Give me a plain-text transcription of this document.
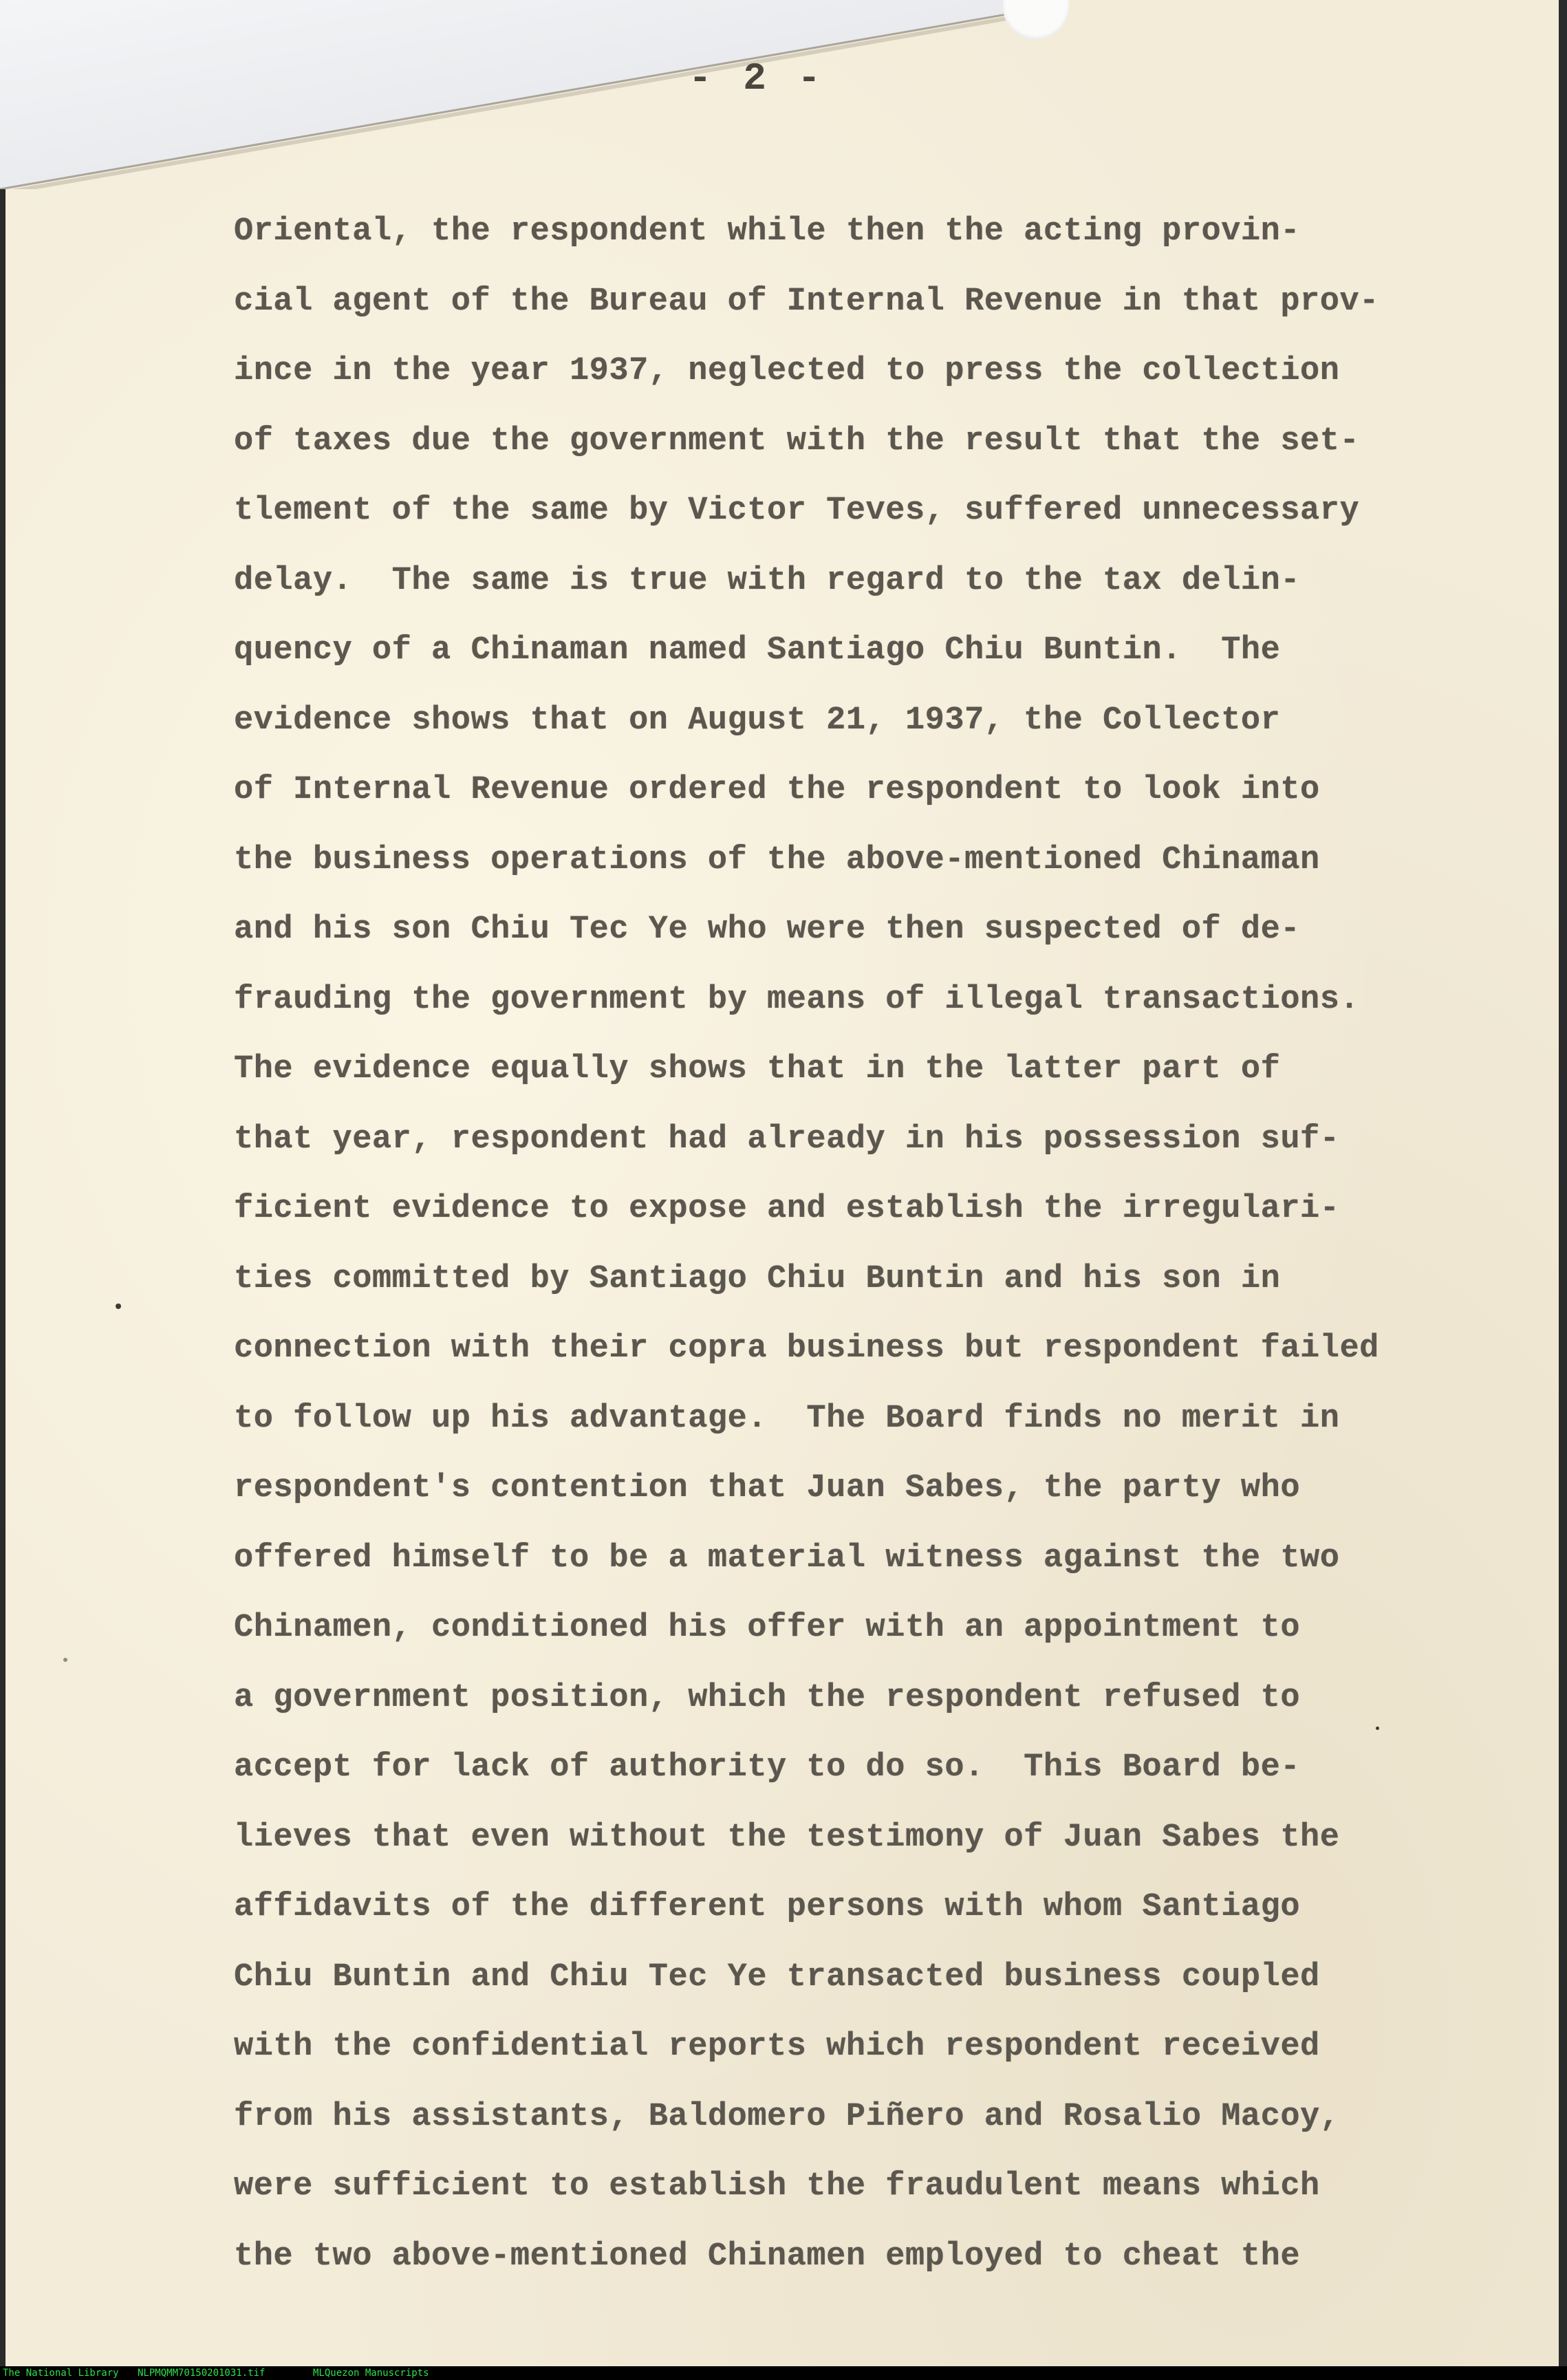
- 2 -
Oriental, the respondent while then the acting provin-
cial agent of the Bureau of Internal Revenue in that prov-
ince in the year 1937, neglected to press the collection
of taxes due the government with the result that the set-
tlement of the same by Victor Teves, suffered unnecessary
delay.  The same is true with regard to the tax delin-
quency of a Chinaman named Santiago Chiu Buntin.  The
evidence shows that on August 21, 1937, the Collector
of Internal Revenue ordered the respondent to look into
the business operations of the above-mentioned Chinaman
and his son Chiu Tec Ye who were then suspected of de-
frauding the government by means of illegal transactions.
The evidence equally shows that in the latter part of
that year, respondent had already in his possession suf-
ficient evidence to expose and establish the irregulari-
ties committed by Santiago Chiu Buntin and his son in
connection with their copra business but respondent failed
to follow up his advantage.  The Board finds no merit in
respondent's contention that Juan Sabes, the party who
offered himself to be a material witness against the two
Chinamen, conditioned his offer with an appointment to
a government position, which the respondent refused to
accept for lack of authority to do so.  This Board be-
lieves that even without the testimony of Juan Sabes the
affidavits of the different persons with whom Santiago
Chiu Buntin and Chiu Tec Ye transacted business coupled
with the confidential reports which respondent received
from his assistants, Baldomero Piñero and Rosalio Macoy,
were sufficient to establish the fraudulent means which
the two above-mentioned Chinamen employed to cheat the
The National Library NLPMQMM70150201031.tif	MLQuezon Manuscripts
